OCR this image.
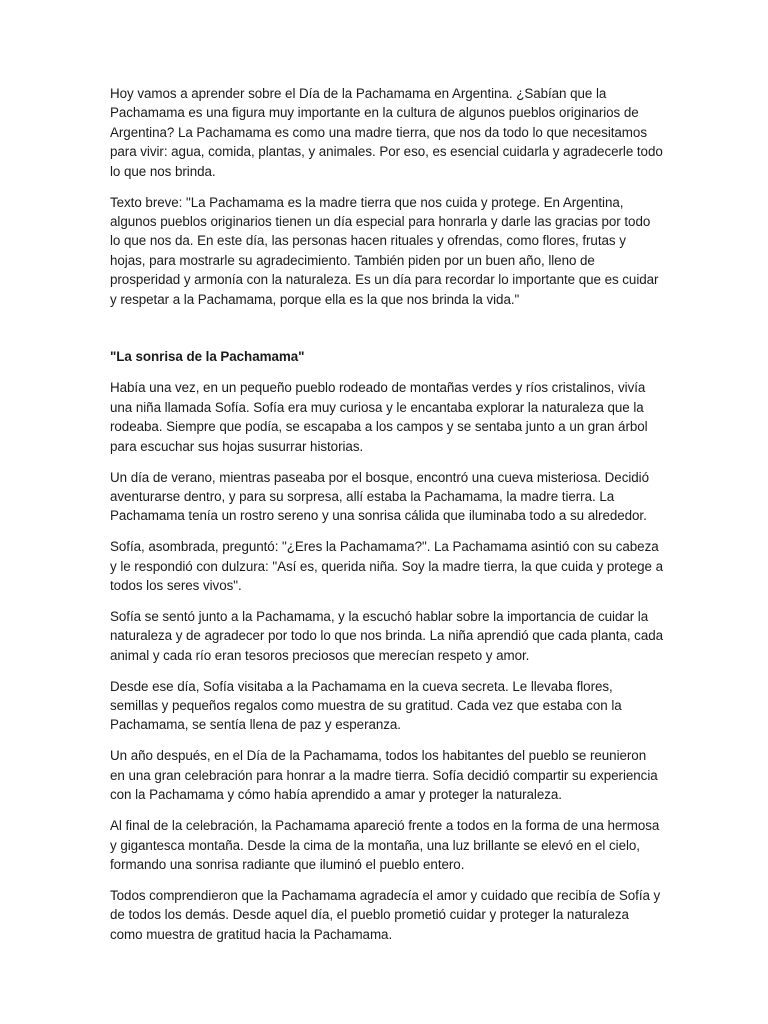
Hoy vamos a aprender sobre el Día de la Pachamama en Argentina. ¿Sabían que la Pachamama es una figura muy importante en la cultura de algunos pueblos originarios de Argentina? La Pachamama es como una madre tierra, que nos da todo lo que necesitamos para vivir: agua, comida, plantas, y animales. Por eso, es esencial cuidarla y agradecerle todo lo que nos brinda.

Texto breve: "La Pachamama es la madre tierra que nos cuida y protege. En Argentina, algunos pueblos originarios tienen un día especial para honrarla y darle las gracias por todo lo que nos da. En este día, las personas hacen rituales y ofrendas, como flores, frutas y hojas, para mostrarle su agradecimiento. También piden por un buen año, lleno de prosperidad y armonía con la naturaleza. Es un día para recordar lo importante que es cuidar y respetar a la Pachamama, porque ella es la que nos brinda la vida."

"La sonrisa de la Pachamama"

Había una vez, en un pequeño pueblo rodeado de montañas verdes y ríos cristalinos, vivía una niña llamada Sofía. Sofía era muy curiosa y le encantaba explorar la naturaleza que la rodeaba. Siempre que podía, se escapaba a los campos y se sentaba junto a un gran árbol para escuchar sus hojas susurrar historias.

Un día de verano, mientras paseaba por el bosque, encontró una cueva misteriosa. Decidió aventurarse dentro, y para su sorpresa, allí estaba la Pachamama, la madre tierra. La Pachamama tenía un rostro sereno y una sonrisa cálida que iluminaba todo a su alrededor.

Sofía, asombrada, preguntó: "¿Eres la Pachamama?". La Pachamama asintió con su cabeza y le respondió con dulzura: "Así es, querida niña. Soy la madre tierra, la que cuida y protege a todos los seres vivos".

Sofía se sentó junto a la Pachamama, y la escuchó hablar sobre la importancia de cuidar la naturaleza y de agradecer por todo lo que nos brinda. La niña aprendió que cada planta, cada animal y cada río eran tesoros preciosos que merecían respeto y amor.

Desde ese día, Sofía visitaba a la Pachamama en la cueva secreta. Le llevaba flores, semillas y pequeños regalos como muestra de su gratitud. Cada vez que estaba con la Pachamama, se sentía llena de paz y esperanza.

Un año después, en el Día de la Pachamama, todos los habitantes del pueblo se reunieron en una gran celebración para honrar a la madre tierra. Sofía decidió compartir su experiencia con la Pachamama y cómo había aprendido a amar y proteger la naturaleza.

Al final de la celebración, la Pachamama apareció frente a todos en la forma de una hermosa y gigantesca montaña. Desde la cima de la montaña, una luz brillante se elevó en el cielo, formando una sonrisa radiante que iluminó el pueblo entero.

Todos comprendieron que la Pachamama agradecía el amor y cuidado que recibía de Sofía y de todos los demás. Desde aquel día, el pueblo prometió cuidar y proteger la naturaleza como muestra de gratitud hacia la Pachamama.
